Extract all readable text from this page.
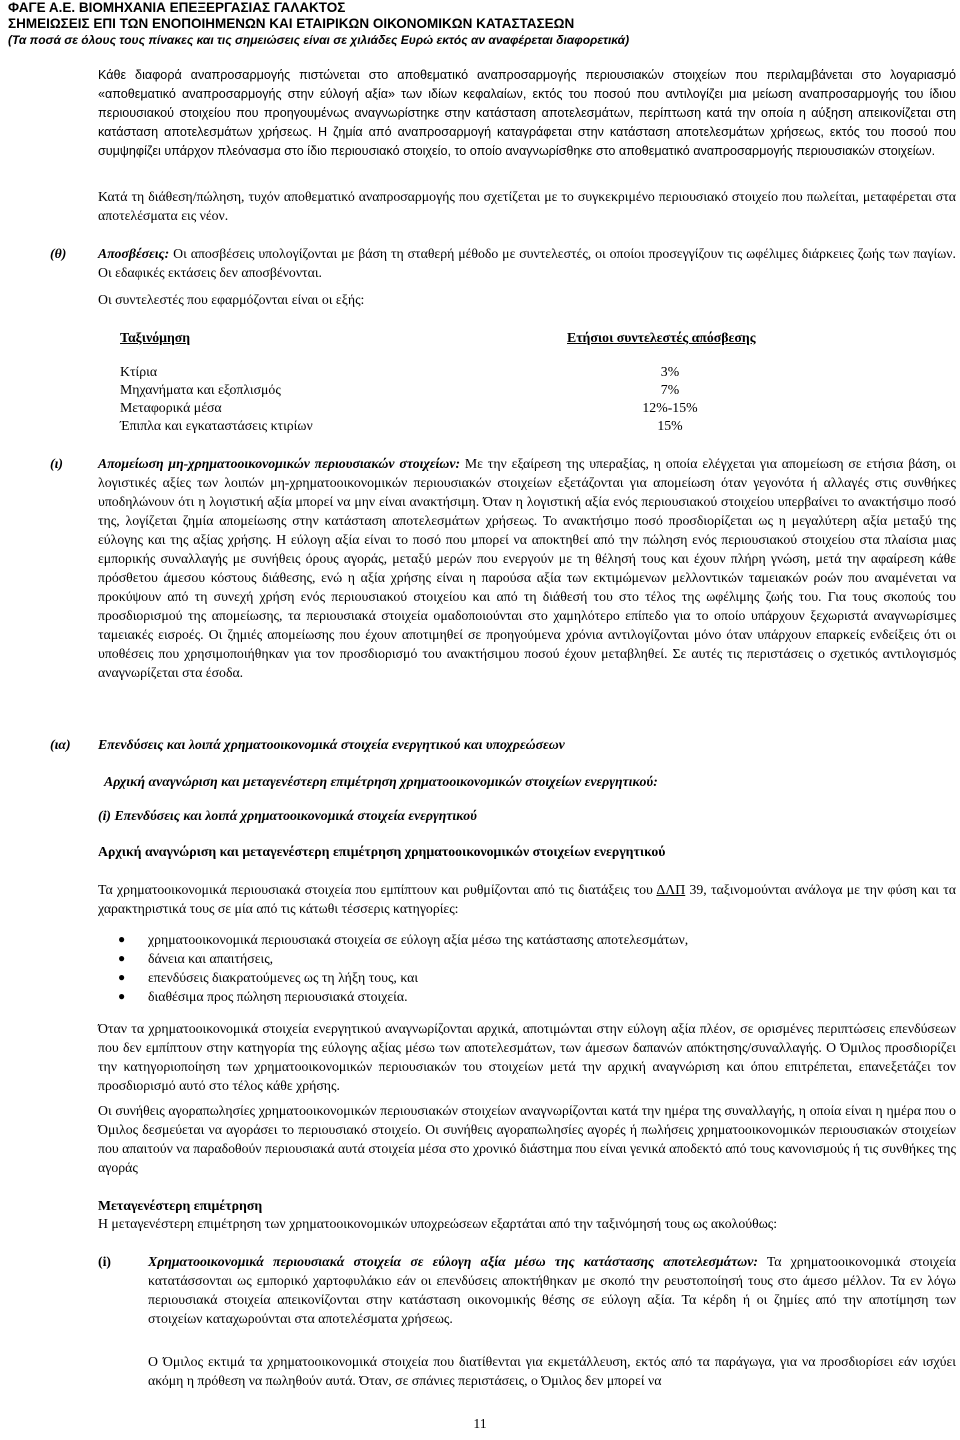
ΦΑΓΕ Α.Ε. ΒΙΟΜΗΧΑΝΙΑ ΕΠΕΞΕΡΓΑΣΙΑΣ ΓΑΛΑΚΤΟΣ
ΣΗΜΕΙΩΣΕΙΣ ΕΠΙ ΤΩΝ ΕΝΟΠΟΙΗΜΕΝΩΝ ΚΑΙ ΕΤΑΙΡΙΚΩΝ ΟΙΚΟΝΟΜΙΚΩΝ ΚΑΤΑΣΤΑΣΕΩΝ
(Τα ποσά σε όλους τους πίνακες και τις σημειώσεις είναι σε χιλιάδες Ευρώ εκτός αν αναφέρεται διαφορετικά)
Κάθε διαφορά αναπροσαρμογής πιστώνεται στο αποθεματικό αναπροσαρμογής περιουσιακών στοιχείων που περιλαμβάνεται στο λογαριασμό «αποθεματικό αναπροσαρμογής στην εύλογή αξία» των ιδίων κεφαλαίων, εκτός του ποσού που αντιλογίζει μια μείωση αναπροσαρμογής του ίδιου περιουσιακού στοιχείου που προηγουμένως αναγνωρίστηκε στην κατάσταση αποτελεσμάτων, περίπτωση κατά την οποία η αύξηση απεικονίζεται στη κατάσταση αποτελεσμάτων χρήσεως. Η ζημία από αναπροσαρμογή καταγράφεται στην κατάσταση αποτελεσμάτων χρήσεως, εκτός του ποσού που συμψηφίζει υπάρχον πλεόνασμα στο ίδιο περιουσιακό στοιχείο, το οποίο αναγνωρίσθηκε στο αποθεματικό αναπροσαρμογής περιουσιακών στοιχείων.
Κατά τη διάθεση/πώληση, τυχόν αποθεματικό αναπροσαρμογής που σχετίζεται με το συγκεκριμένο περιουσιακό στοιχείο που πωλείται, μεταφέρεται στα αποτελέσματα εις νέον.
(θ) Αποσβέσεις: Οι αποσβέσεις υπολογίζονται με βάση τη σταθερή μέθοδο με συντελεστές, οι οποίοι προσεγγίζουν τις ωφέλιμες διάρκειες ζωής των παγίων. Οι εδαφικές εκτάσεις δεν αποσβένονται.
Οι συντελεστές που εφαρμόζονται είναι οι εξής:
Ταξινόμηση	Ετήσιοι συντελεστές απόσβεσης
Κτίρια	3%
Μηχανήματα και εξοπλισμός	7%
Μεταφορικά μέσα	12%-15%
Έπιπλα και εγκαταστάσεις κτιρίων	15%
(ι)	Απομείωση μη-χρηματοοικονομικών περιουσιακών στοιχείων: Με την εξαίρεση της υπεραξίας, η οποία ελέγχεται για απομείωση σε ετήσια βάση, οι λογιστικές αξίες των λοιπών μη-χρηματοοικονομικών περιουσιακών στοιχείων εξετάζονται για απομείωση όταν γεγονότα ή αλλαγές στις συνθήκες υποδηλώνουν ότι η λογιστική αξία μπορεί να μην είναι ανακτήσιμη. Όταν η λογιστική αξία ενός περιουσιακού στοιχείου υπερβαίνει το ανακτήσιμο ποσό της, λογίζεται ζημία απομείωσης στην κατάσταση αποτελεσμάτων χρήσεως. Το ανακτήσιμο ποσό προσδιορίζεται ως η μεγαλύτερη αξία μεταξύ της εύλογης και της αξίας χρήσης. Η εύλογη αξία είναι το ποσό που μπορεί να αποκτηθεί από την πώληση ενός περιουσιακού στοιχείου στα πλαίσια μιας εμπορικής συναλλαγής με συνήθεις όρους αγοράς, μεταξύ μερών που ενεργούν με τη θέλησή τους και έχουν πλήρη γνώση, μετά την αφαίρεση κάθε πρόσθετου άμεσου κόστους διάθεσης, ενώ η αξία χρήσης είναι η παρούσα αξία των εκτιμώμενων μελλοντικών ταμειακών ροών που αναμένεται να προκύψουν από τη συνεχή χρήση ενός περιουσιακού στοιχείου και από τη διάθεσή του στο τέλος της ωφέλιμης ζωής του. Για τους σκοπούς του προσδιορισμού της απομείωσης, τα περιουσιακά στοιχεία ομαδοποιούνται στο χαμηλότερο επίπεδο για το οποίο υπάρχουν ξεχωριστά αναγνωρίσιμες ταμειακές εισροές. Οι ζημιές απομείωσης που έχουν αποτιμηθεί σε προηγούμενα χρόνια αντιλογίζονται μόνο όταν υπάρχουν επαρκείς ενδείξεις ότι οι υποθέσεις που χρησιμοποιήθηκαν για τον προσδιορισμό του ανακτήσιμου ποσού έχουν μεταβληθεί. Σε αυτές τις περιστάσεις ο σχετικός αντιλογισμός αναγνωρίζεται στα έσοδα.
(ια) Επενδύσεις και λοιπά χρηματοοικονομικά στοιχεία ενεργητικού και υποχρεώσεων
Αρχική αναγνώριση και μεταγενέστερη επιμέτρηση χρηματοοικονομικών στοιχείων ενεργητικού:
(i) Επενδύσεις και λοιπά χρηματοοικονομικά στοιχεία ενεργητικού
Αρχική αναγνώριση και μεταγενέστερη επιμέτρηση χρηματοοικονομικών στοιχείων ενεργητικού
Τα χρηματοοικονομικά περιουσιακά στοιχεία που εμπίπτουν και ρυθμίζονται από τις διατάξεις του ΔΛΠ 39, ταξινομούνται ανάλογα με την φύση και τα χαρακτηριστικά τους σε μία από τις κάτωθι τέσσερις κατηγορίες:
● χρηματοοικονομικά περιουσιακά στοιχεία σε εύλογη αξία μέσω της κατάστασης αποτελεσμάτων,
● δάνεια και απαιτήσεις,
● επενδύσεις διακρατούμενες ως τη λήξη τους, και
● διαθέσιμα προς πώληση περιουσιακά στοιχεία.
Όταν τα χρηματοοικονομικά στοιχεία ενεργητικού αναγνωρίζονται αρχικά, αποτιμώνται στην εύλογη αξία πλέον, σε ορισμένες περιπτώσεις επενδύσεων που δεν εμπίπτουν στην κατηγορία της εύλογης αξίας μέσω των αποτελεσμάτων, των άμεσων δαπανών απόκτησης/συναλλαγής. Ο Όμιλος προσδιορίζει την κατηγοριοποίηση των χρηματοοικονομικών περιουσιακών του στοιχείων μετά την αρχική αναγνώριση και όπου επιτρέπεται, επανεξετάζει τον προσδιορισμό αυτό στο τέλος κάθε χρήσης.
Οι συνήθεις αγοραπωλησίες χρηματοοικονομικών περιουσιακών στοιχείων αναγνωρίζονται κατά την ημέρα της συναλλαγής, η οποία είναι η ημέρα που ο Όμιλος δεσμεύεται να αγοράσει το περιουσιακό στοιχείο. Οι συνήθεις αγοραπωλησίες αγορές ή πωλήσεις χρηματοοικονομικών περιουσιακών στοιχείων που απαιτούν να παραδοθούν περιουσιακά αυτά στοιχεία μέσα στο χρονικό διάστημα που είναι γενικά αποδεκτό από τους κανονισμούς ή τις συνθήκες της αγοράς
Μεταγενέστερη επιμέτρηση
Η μεταγενέστερη επιμέτρηση των χρηματοοικονομικών υποχρεώσεων εξαρτάται από την ταξινόμησή τους ως ακολούθως:
(i)	Χρηματοοικονομικά περιουσιακά στοιχεία σε εύλογη αξία μέσω της κατάστασης αποτελεσμάτων: Τα χρηματοοικονομικά στοιχεία κατατάσσονται ως εμπορικό χαρτοφυλάκιο εάν οι επενδύσεις αποκτήθηκαν με σκοπό την ρευστοποίησή τους στο άμεσο μέλλον. Τα εν λόγω περιουσιακά στοιχεία απεικονίζονται στην κατάσταση οικονομικής θέσης σε εύλογη αξία. Τα κέρδη ή οι ζημίες από την αποτίμηση των στοιχείων καταχωρούνται στα αποτελέσματα χρήσεως.
Ο Όμιλος εκτιμά τα χρηματοοικονομικά στοιχεία που διατίθενται για εκμετάλλευση, εκτός από τα παράγωγα, για να προσδιορίσει εάν ισχύει ακόμη η πρόθεση να πωληθούν αυτά. Όταν, σε σπάνιες περιστάσεις, ο Όμιλος δεν μπορεί να
11
